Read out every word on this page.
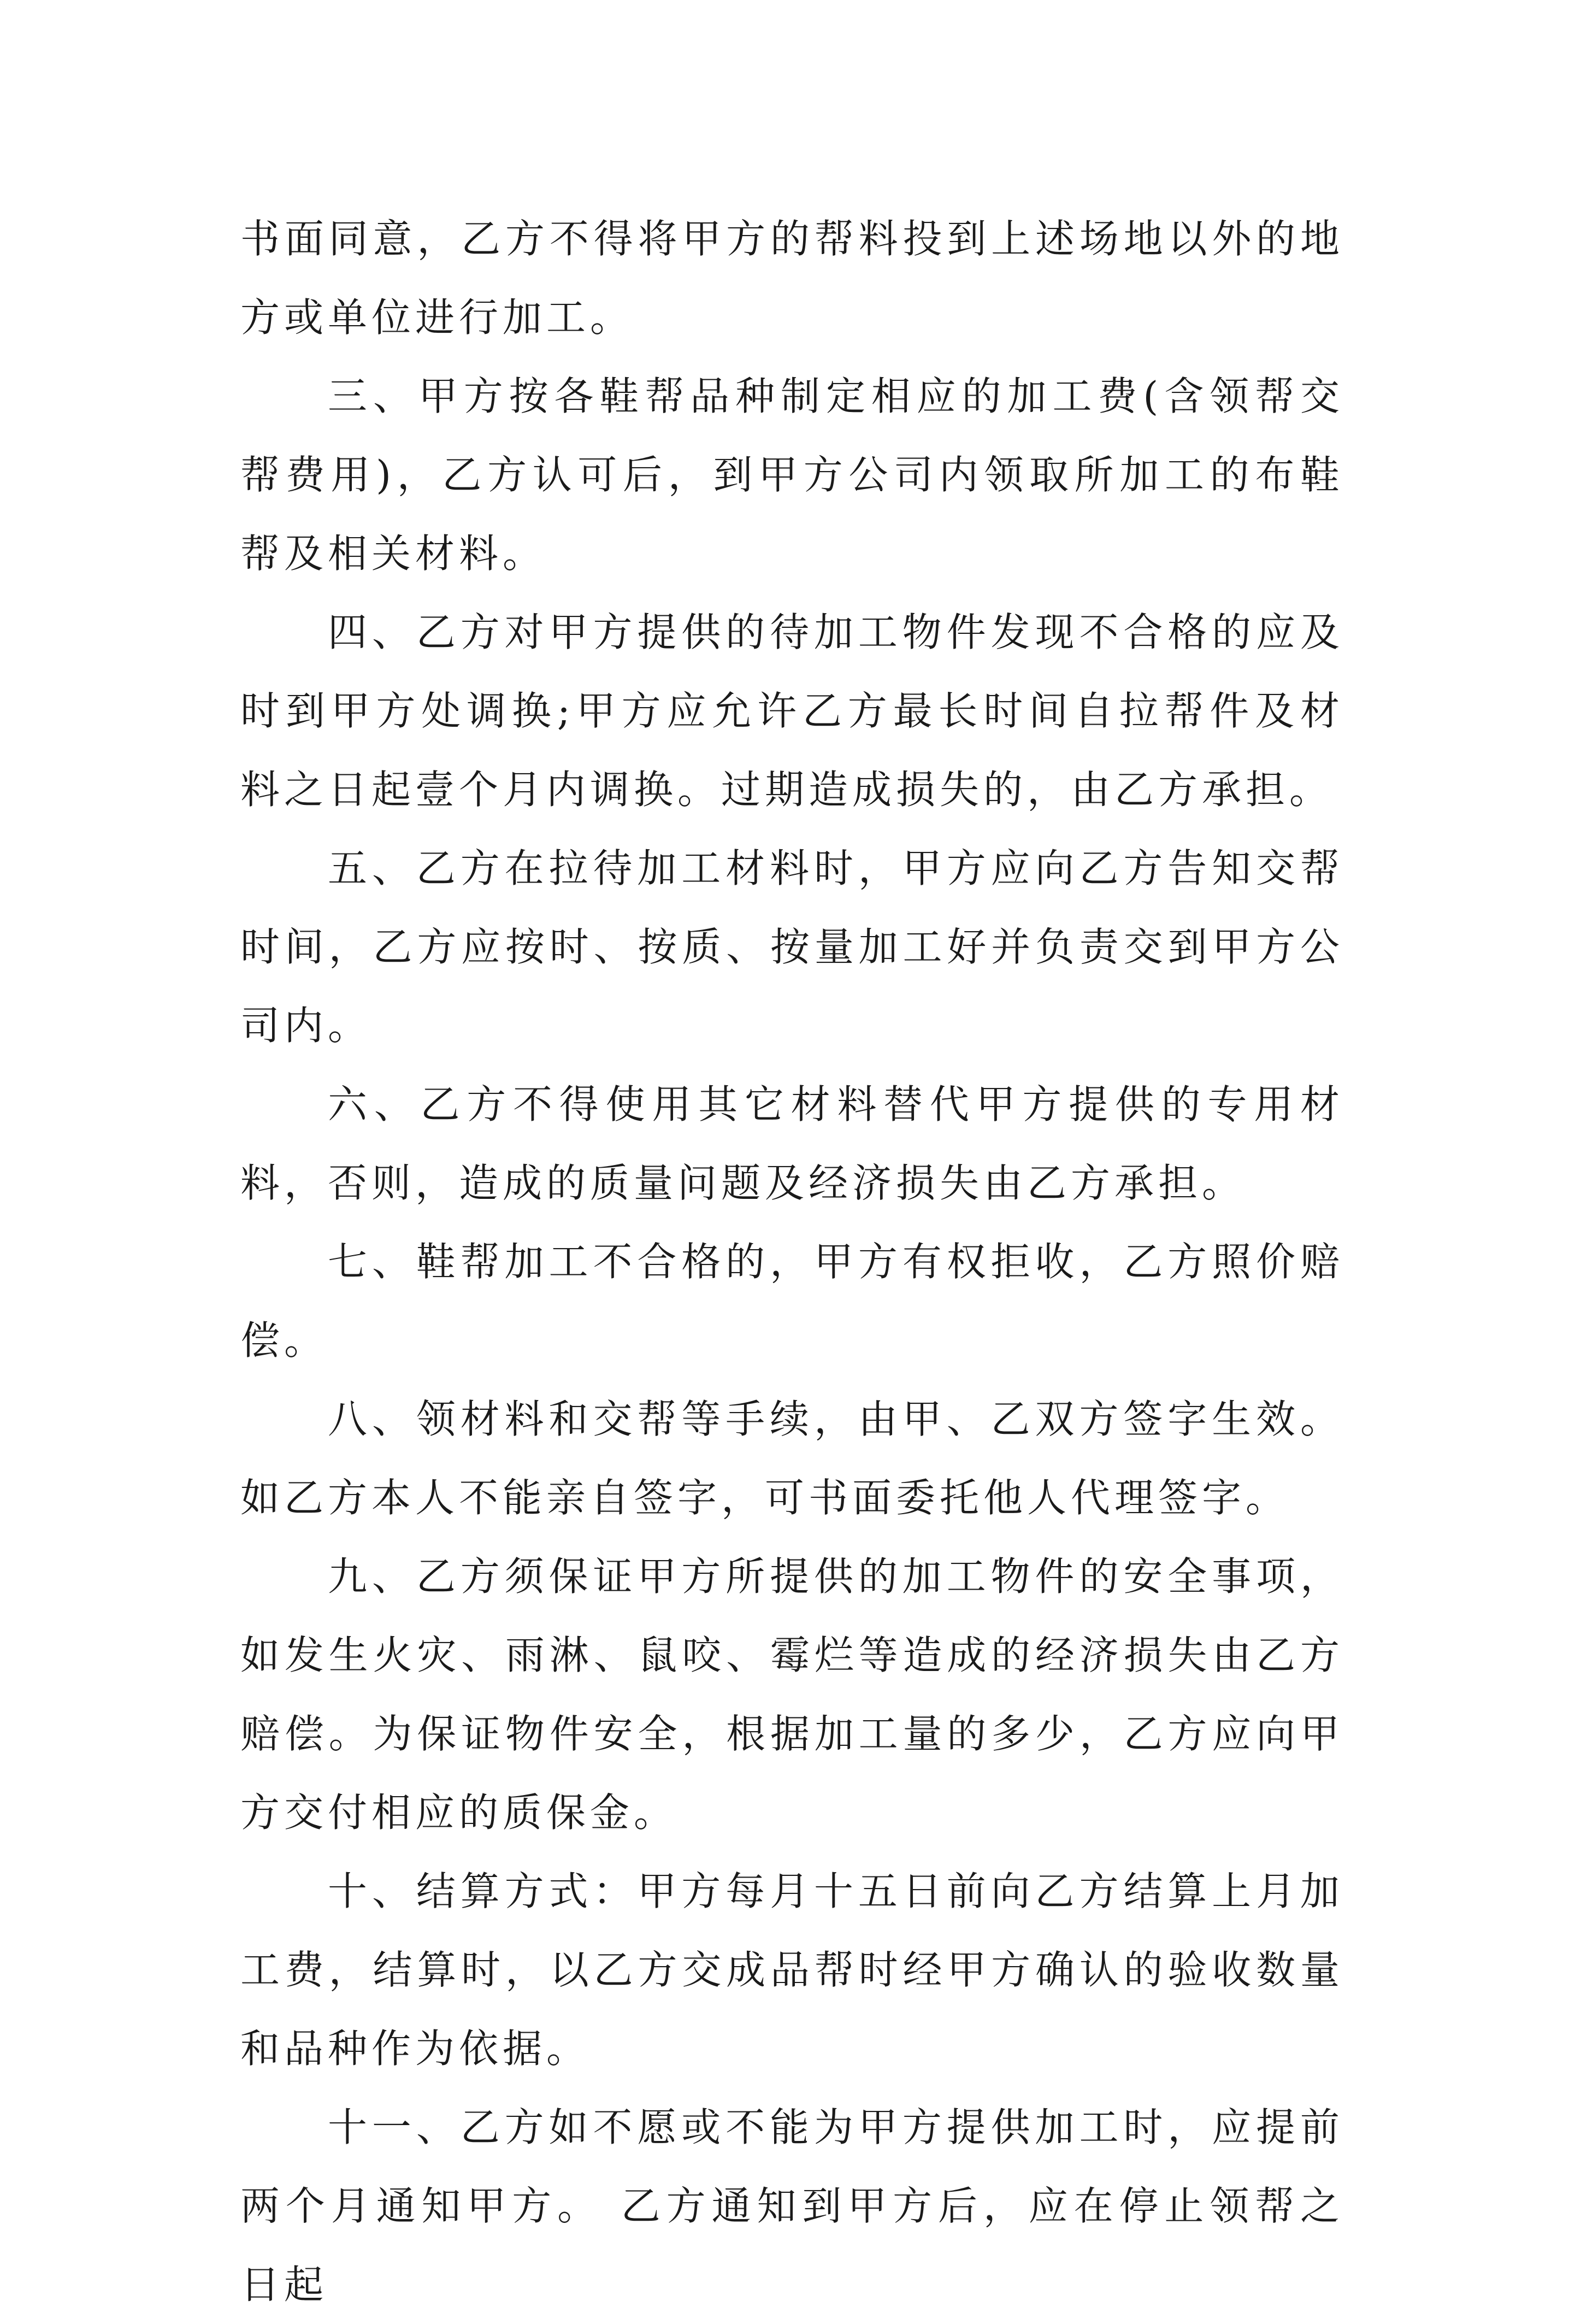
书面同意，乙方不得将甲方的帮料投到上述场地以外的地方或单位进行加工。

三、甲方按各鞋帮品种制定相应的加工费(含领帮交帮费用)，乙方认可后，到甲方公司内领取所加工的布鞋帮及相关材料。

四、乙方对甲方提供的待加工物件发现不合格的应及时到甲方处调换;甲方应允许乙方最长时间自拉帮件及材料之日起壹个月内调换。过期造成损失的，由乙方承担。

五、乙方在拉待加工材料时，甲方应向乙方告知交帮时间，乙方应按时、按质、按量加工好并负责交到甲方公司内。

六、乙方不得使用其它材料替代甲方提供的专用材料，否则，造成的质量问题及经济损失由乙方承担。

七、鞋帮加工不合格的，甲方有权拒收，乙方照价赔偿。

八、领材料和交帮等手续，由甲、乙双方签字生效。如乙方本人不能亲自签字，可书面委托他人代理签字。

九、乙方须保证甲方所提供的加工物件的安全事项，如发生火灾、雨淋、鼠咬、霉烂等造成的经济损失由乙方赔偿。为保证物件安全，根据加工量的多少，乙方应向甲方交付相应的质保金。

十、结算方式：甲方每月十五日前向乙方结算上月加工费，结算时，以乙方交成品帮时经甲方确认的验收数量和品种作为依据。

十一、乙方如不愿或不能为甲方提供加工时，应提前两个月通知甲方。 乙方通知到甲方后，应在停止领帮之日起
